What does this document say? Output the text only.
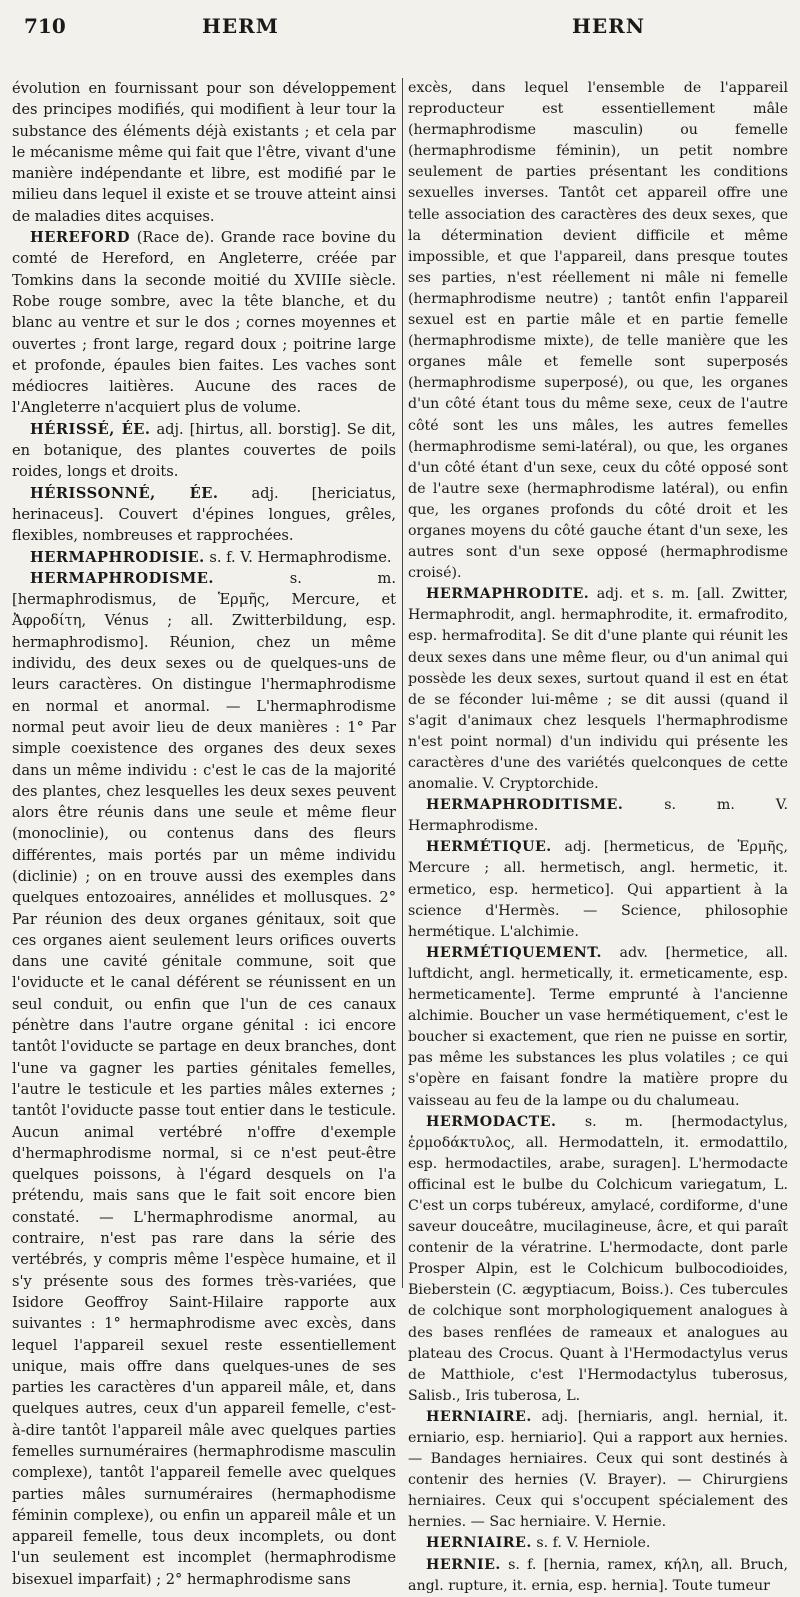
710	HERM	HERN

évolution en fournissant pour son développement des principes modifiés, qui modifient à leur tour la substance des éléments déjà existants ; et cela par le mécanisme même qui fait que l'être, vivant d'une manière indépendante et libre, est modifié par le milieu dans lequel il existe et se trouve atteint ainsi de maladies dites acquises.

HEREFORD (Race de). Grande race bovine du comté de Hereford, en Angleterre, créée par Tomkins dans la seconde moitié du XVIIIe siècle. Robe rouge sombre, avec la tête blanche, et du blanc au ventre et sur le dos ; cornes moyennes et ouvertes ; front large, regard doux ; poitrine large et profonde, épaules bien faites. Les vaches sont médiocres laitières. Aucune des races de l'Angleterre n'acquiert plus de volume.

HÉRISSÉ, ÉE. adj. [hirtus, all. borstig]. Se dit, en botanique, des plantes couvertes de poils roides, longs et droits.

HÉRISSONNÉ, ÉE. adj. [hericiatus, herinaceus]. Couvert d'épines longues, grêles, flexibles, nombreuses et rapprochées.

HERMAPHRODISIE. s. f. V. Hermaphrodisme.

HERMAPHRODISME.	s. m. [hermaphrodismus, de Ἑρμῆς, Mercure, et Ἀφροδίτη, Vénus ; all. Zwitterbildung, esp. hermaphrodismo]. Réunion, chez un même individu, des deux sexes ou de quelques-uns de leurs caractères. On distingue l'hermaphrodisme en normal et anormal. — L'hermaphrodisme normal peut avoir lieu de deux manières : 1° Par simple coexistence des organes des deux sexes dans un même individu : c'est le cas de la majorité des plantes, chez lesquelles les deux sexes peuvent alors être réunis dans une seule et même fleur (monoclinie), ou contenus dans des fleurs différentes, mais portés par un même individu (diclinie) ; on en trouve aussi des exemples dans quelques entozoaires, annélides et mollusques. 2° Par réunion des deux organes génitaux, soit que ces organes aient seulement leurs orifices ouverts dans une cavité génitale commune, soit que l'oviducte et le canal déférent se réunissent en un seul conduit, ou enfin que l'un de ces canaux pénètre dans l'autre organe génital : ici encore tantôt l'oviducte se partage en deux branches, dont l'une va gagner les parties génitales femelles, l'autre le testicule et les parties mâles externes ; tantôt l'oviducte passe tout entier dans le testicule. Aucun animal vertébré n'offre d'exemple d'hermaphrodisme normal, si ce n'est peut-être quelques poissons, à l'égard desquels on l'a prétendu, mais sans que le fait soit encore bien constaté. — L'hermaphrodisme anormal, au contraire, n'est pas rare dans la série des vertébrés, y compris même l'espèce humaine, et il s'y présente sous des formes très-variées, que Isidore Geoffroy Saint-Hilaire rapporte aux suivantes : 1° hermaphrodisme avec excès, dans lequel l'appareil sexuel reste essentiellement unique, mais offre dans quelques-unes de ses parties les caractères d'un appareil mâle, et, dans quelques autres, ceux d'un appareil femelle, c'est-à-dire tantôt l'appareil mâle avec quelques parties femelles surnuméraires (hermaphrodisme masculin complexe), tantôt l'appareil femelle avec quelques parties mâles surnuméraires (hermaphodisme féminin complexe), ou enfin un appareil mâle et un appareil femelle, tous deux incomplets, ou dont l'un seulement est incomplet (hermaphrodisme bisexuel imparfait) ; 2° hermaphrodisme sans

excès, dans lequel l'ensemble de l'appareil reproducteur est essentiellement mâle (hermaphrodisme masculin) ou femelle (hermaphrodisme féminin), un petit nombre seulement de parties présentant les conditions sexuelles inverses. Tantôt cet appareil offre une telle association des caractères des deux sexes, que la détermination devient difficile et même impossible, et que l'appareil, dans presque toutes ses parties, n'est réellement ni mâle ni femelle (hermaphrodisme neutre) ; tantôt enfin l'appareil sexuel est en partie mâle et en partie femelle (hermaphrodisme mixte), de telle manière que les organes mâle et femelle sont superposés (hermaphrodisme superposé), ou que, les organes d'un côté étant tous du même sexe, ceux de l'autre côté sont les uns mâles, les autres femelles (hermaphrodisme semi-latéral), ou que, les organes d'un côté étant d'un sexe, ceux du côté opposé sont de l'autre sexe (hermaphrodisme latéral), ou enfin que, les organes profonds du côté droit et les organes moyens du côté gauche étant d'un sexe, les autres sont d'un sexe opposé (hermaphrodisme croisé).

HERMAPHRODITE. adj. et s. m. [all. Zwitter, Hermaphrodit, angl. hermaphrodite, it. ermafrodito, esp. hermafrodita]. Se dit d'une plante qui réunit les deux sexes dans une même fleur, ou d'un animal qui possède les deux sexes, surtout quand il est en état de se féconder lui-même ; se dit aussi (quand il s'agit d'animaux chez lesquels l'hermaphrodisme n'est point normal) d'un individu qui présente les caractères d'une des variétés quelconques de cette anomalie. V. Cryptorchide.

HERMAPHRODITISME.	s. m. V. Hermaphrodisme.

HERMÉTIQUE. adj. [hermeticus, de Ἑρμῆς, Mercure ; all. hermetisch, angl. hermetic, it. ermetico, esp. hermetico]. Qui appartient à la science d'Hermès. — Science, philosophie hermétique. L'alchimie.

HERMÉTIQUEMENT. adv. [hermetice, all. luftdicht, angl. hermetically, it. ermeticamente, esp. hermeticamente]. Terme emprunté à l'ancienne alchimie. Boucher un vase hermétiquement, c'est le boucher si exactement, que rien ne puisse en sortir, pas même les substances les plus volatiles ; ce qui s'opère en faisant fondre la matière propre du vaisseau au feu de la lampe ou du chalumeau.

HERMODACTE. s. m. [hermodactylus, ἑρμοδάκτυλος, all. Hermodatteln, it. ermodattilo, esp. hermodactiles, arabe, suragen]. L'hermodacte officinal est le bulbe du Colchicum variegatum, L. C'est un corps tubéreux, amylacé, cordiforme, d'une saveur douceâtre, mucilagineuse, âcre, et qui paraît contenir de la vératrine. L'hermodacte, dont parle Prosper Alpin, est le Colchicum bulbocodioides, Bieberstein (C. ægyptiacum, Boiss.). Ces tubercules de colchique sont morphologiquement analogues à des bases renflées de rameaux et analogues au plateau des Crocus. Quant à l'Hermodactylus verus de Matthiole, c'est l'Hermodactylus tuberosus, Salisb., Iris tuberosa, L.

HERNIAIRE. adj. [herniaris, angl. hernial, it. erniario, esp. herniario]. Qui a rapport aux hernies. — Bandages herniaires. Ceux qui sont destinés à contenir des hernies (V. Brayer). — Chirurgiens herniaires. Ceux qui s'occupent spécialement des hernies. — Sac herniaire. V. Hernie.

HERNIAIRE. s. f. V. Herniole.

HERNIE. s. f. [hernia, ramex, κήλη, all. Bruch, angl. rupture, it. ernia, esp. hernia]. Toute tumeur
